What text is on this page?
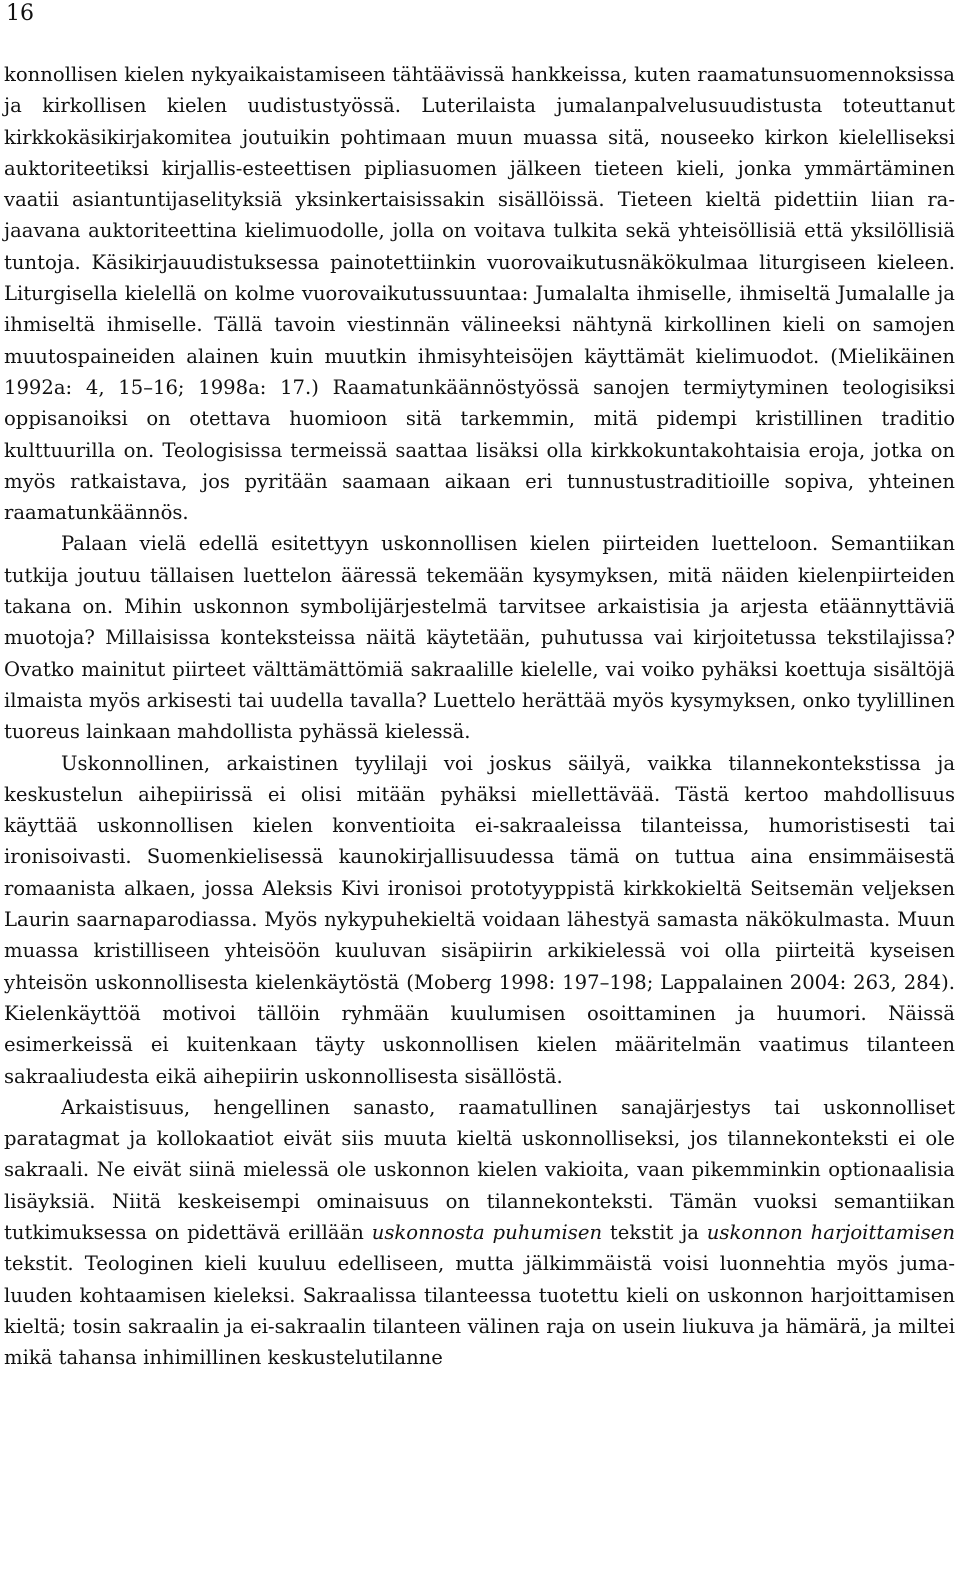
16

konnollisen kielen nykyaikaistamiseen tähtäävissä hankkeissa, kuten raamatunsuomennoksissa ja kirkollisen kielen uudistustyössä. Luterilaista jumalanpalvelusuudistusta toteuttanut kirkkokäsikirjakomitea joutuikin pohtimaan muun muassa sitä, nouseeko kirkon kielelliseksi auktoriteetiksi kirjallis-esteettisen pipliasuomen jälkeen tieteen kieli, jonka ymmärtäminen vaatii asiantuntijaselityksiä yksinkertaisissakin sisällöissä. Tieteen kieltä pidettiin liian rajaavana auktoriteettina kielimuodolle, jolla on voitava tulkita sekä yhteisöllisiä että yksilöllisiä tuntoja. Käsikirjauudistuksessa painotettiinkin vuorovaikutusnäkökulmaa liturgiseen kieleen. Liturgisella kielellä on kolme vuorovaikutussuuntaa: Jumalalta ihmiselle, ihmiseltä Jumalalle ja ihmiseltä ihmiselle. Tällä tavoin viestinnän välineeksi nähtynä kirkollinen kieli on samojen muutospaineiden alainen kuin muutkin ihmisyhteisöjen käyttämät kielimuodot. (Mielikäinen 1992a: 4, 15–16; 1998a: 17.) Raamatunkäännöstyössä sanojen termiytyminen teologisiksi oppisanoiksi on otettava huomioon sitä tarkemmin, mitä pidempi kristillinen traditio kulttuurilla on. Teologisissa termeissä saattaa lisäksi olla kirkkokuntakohtaisia eroja, jotka on myös ratkaistava, jos pyritään saamaan aikaan eri tunnustustraditioille sopiva, yhteinen raamatunkäännös.

Palaan vielä edellä esitettyyn uskonnollisen kielen piirteiden luetteloon. Semantiikan tutkija joutuu tällaisen luettelon ääressä tekemään kysymyksen, mitä näiden kielenpiirteiden takana on. Mihin uskonnon symbolijärjestelmä tarvitsee arkaistisia ja arjesta etäännyttäviä muotoja? Millaisissa konteksteissa näitä käytetään, puhutussa vai kirjoitetussa tekstilajissa? Ovatko mainitut piirteet välttämättömiä sakraalille kielelle, vai voiko pyhäksi koettuja sisältöjä ilmaista myös arkisesti tai uudella tavalla? Luettelo herättää myös kysymyksen, onko tyylillinen tuoreus lainkaan mahdollista pyhässä kielessä.

Uskonnollinen, arkaistinen tyylilaji voi joskus säilyä, vaikka tilannekontekstissa ja keskustelun aihepiirissä ei olisi mitään pyhäksi miellettävää. Tästä kertoo mahdollisuus käyttää uskonnollisen kielen konventioita ei-sakraaleissa tilanteissa, humoristisesti tai ironisoivasti. Suomenkielisessä kaunokirjallisuudessa tämä on tuttua aina ensimmäisestä romaanista alkaen, jossa Aleksis Kivi ironisoi prototyyppistä kirkkokieltä Seitsemän veljeksen Laurin saarnaparodiassa. Myös nykypuhekieltä voidaan lähestyä samasta näkökulmasta. Muun muassa kristilliseen yhteisöön kuuluvan sisäpiirin arkikielessä voi olla piirteitä kyseisen yhteisön uskonnollisesta kielenkäytöstä (Moberg 1998: 197–198; Lappalainen 2004: 263, 284). Kielenkäyttöä motivoi tällöin ryhmään kuulumisen osoittaminen ja huumori. Näissä esimerkeissä ei kuitenkaan täyty uskonnollisen kielen määritelmän vaatimus tilanteen sakraaliudesta eikä aihepiirin uskonnollisesta sisällöstä.

Arkaistisuus, hengellinen sanasto, raamatullinen sanajärjestys tai uskonnolliset paratagmat ja kollokaatiot eivät siis muuta kieltä uskonnolliseksi, jos tilannekonteksti ei ole sakraali. Ne eivät siinä mielessä ole uskonnon kielen vakioita, vaan pikemminkin optionaalisia lisäyksiä. Niitä keskeisempi ominaisuus on tilannekonteksti. Tämän vuoksi semantiikan tutkimuksessa on pidettävä erillään uskonnosta puhumisen tekstit ja uskonnon harjoittamisen tekstit. Teologinen kieli kuuluu edelliseen, mutta jälkimmäistä voisi luonnehtia myös jumaluuden kohtaamisen kieleksi. Sakraalissa tilanteessa tuotettu kieli on uskonnon harjoittamisen kieltä; tosin sakraalin ja ei-sakraalin tilanteen välinen raja on usein liukuva ja hämärä, ja miltei mikä tahansa inhimillinen keskustelutilanne
